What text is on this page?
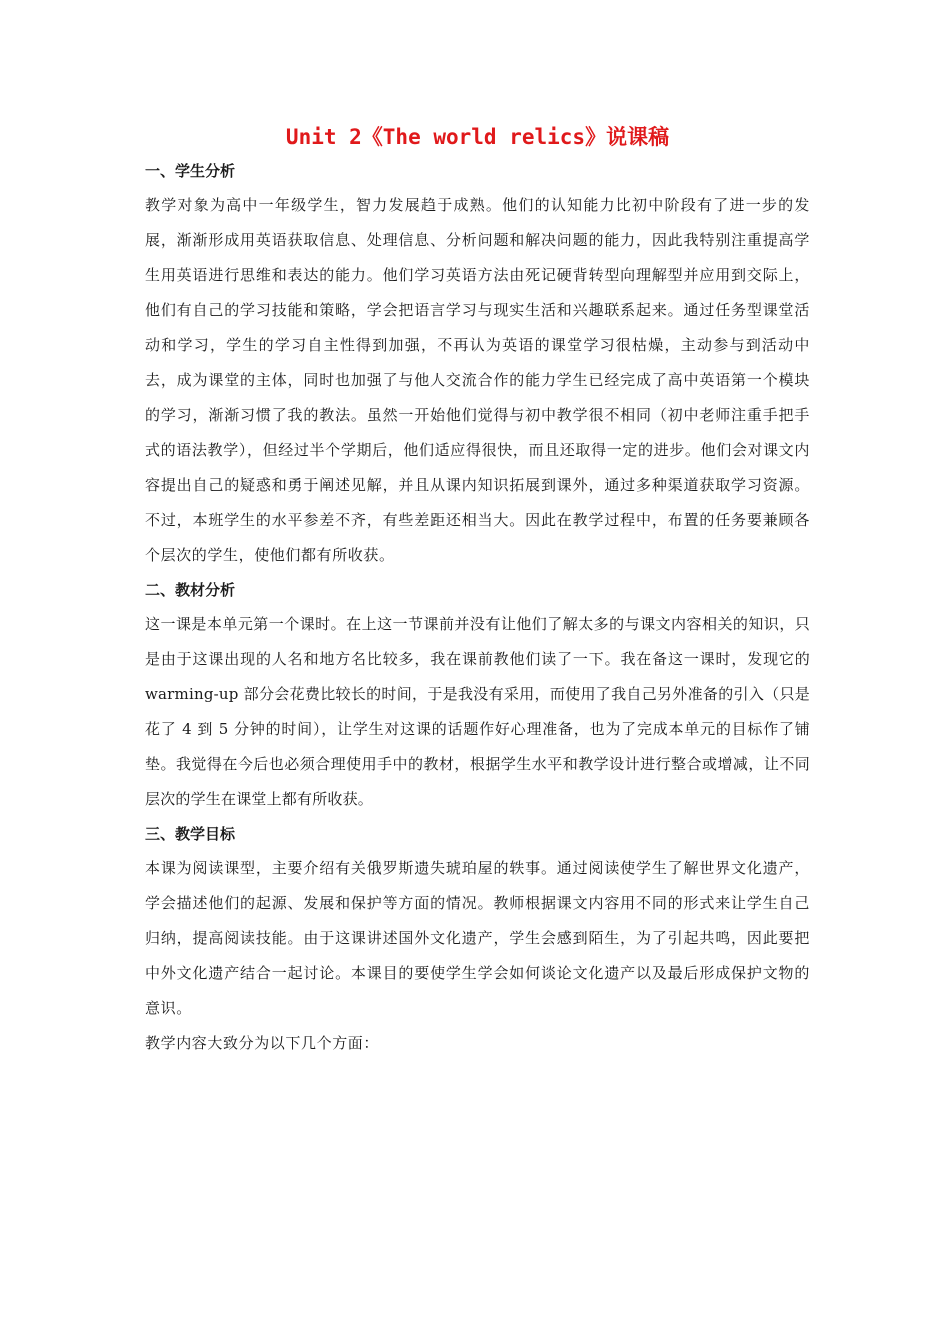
Unit 2《The world relics》说课稿
一、学生分析

教学对象为高中一年级学生，智力发展趋于成熟。他们的认知能力比初中阶段有了进一步的发展，渐渐形成用英语获取信息、处理信息、分析问题和解决问题的能力，因此我特别注重提高学生用英语进行思维和表达的能力。他们学习英语方法由死记硬背转型向理解型并应用到交际上，他们有自己的学习技能和策略，学会把语言学习与现实生活和兴趣联系起来。通过任务型课堂活动和学习，学生的学习自主性得到加强，不再认为英语的课堂学习很枯燥，主动参与到活动中去，成为课堂的主体，同时也加强了与他人交流合作的能力学生已经完成了高中英语第一个模块的学习，渐渐习惯了我的教法。虽然一开始他们觉得与初中教学很不相同（初中老师注重手把手式的语法教学），但经过半个学期后，他们适应得很快，而且还取得一定的进步。他们会对课文内容提出自己的疑惑和勇于阐述见解，并且从课内知识拓展到课外，通过多种渠道获取学习资源。不过，本班学生的水平参差不齐，有些差距还相当大。因此在教学过程中，布置的任务要兼顾各个层次的学生，使他们都有所收获。

二、教材分析

这一课是本单元第一个课时。在上这一节课前并没有让他们了解太多的与课文内容相关的知识，只是由于这课出现的人名和地方名比较多，我在课前教他们读了一下。我在备这一课时，发现它的 warming-up 部分会花费比较长的时间，于是我没有采用，而使用了我自己另外准备的引入（只是花了 4 到 5 分钟的时间），让学生对这课的话题作好心理准备，也为了完成本单元的目标作了铺垫。我觉得在今后也必须合理使用手中的教材，根据学生水平和教学设计进行整合或增减，让不同层次的学生在课堂上都有所收获。

三、教学目标

本课为阅读课型，主要介绍有关俄罗斯遗失琥珀屋的轶事。通过阅读使学生了解世界文化遗产，学会描述他们的起源、发展和保护等方面的情况。教师根据课文内容用不同的形式来让学生自己归纳，提高阅读技能。由于这课讲述国外文化遗产，学生会感到陌生，为了引起共鸣，因此要把中外文化遗产结合一起讨论。本课目的要使学生学会如何谈论文化遗产以及最后形成保护文物的意识。

教学内容大致分为以下几个方面：
